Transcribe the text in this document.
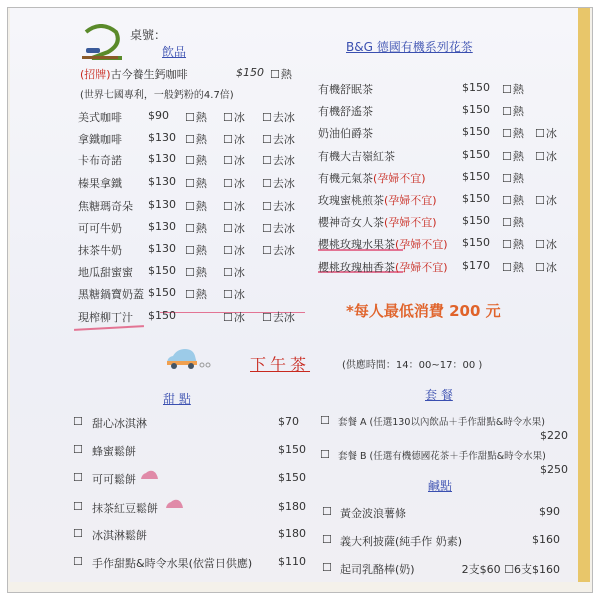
桌號：
飲品
(招牌)古今養生鈣咖啡	$150	☐ 熱
(世界七國專利，一般鈣粉的4.7倍)
美式咖啡 $90	☐ 熱	☐ 冰	☐ 去冰
拿鐵咖啡 $130	☐ 熱	☐ 冰	☐ 去冰
卡布奇諾 $130	☐ 熱	☐ 冰	☐ 去冰
榛果拿鐵 $130	☐ 熱	☐ 冰	☐ 去冰
焦糖瑪奇朵 $130	☐ 熱	☐ 冰	☐ 去冰
可可牛奶 $130	☐ 熱	☐ 冰	☐ 去冰
抹茶牛奶 $130	☐ 熱	☐ 冰	☐ 去冰
地瓜甜蜜蜜 $150	☐ 熱	☐ 冰
黑糖鍋寶奶蓋 $150	☐ 熱	☐ 冰
現榨柳丁汁 $150	☐ 冰	☐ 去冰
B&G 德國有機系列花茶
有機舒眠茶	$150	☐ 熱
有機舒遙茶	$150	☐ 熱
奶油伯爵茶	$150	☐ 熱	☐ 冰
有機大吉嶺紅茶	$150	☐ 熱	☐ 冰
有機元氣茶 (孕婦不宜)	$150	☐ 熱
玫瑰蜜桃煎茶 (孕婦不宜) $150	☐ 熱	☐ 冰
櫻神奇女人茶 (孕婦不宜) $150	☐ 熱
櫻桃玫瑰水果茶 (孕婦不宜) $150	☐ 熱	☐ 冰
櫻桃玫瑰柚香茶 (孕婦不宜) $170	☐ 熱	☐ 冰
*每人最低消費 200 元
下午茶	(供應時間：14：00~17：00 )
甜 點
☐
甜心冰淇淋	$70
☐
蜂蜜鬆餅	$150
☐
可可鬆餅	$150
☐
抹茶紅豆鬆餅	$180
☐
冰淇淋鬆餅	$180
☐
手作甜點&時令水果(依當日供應) $110
套 餐
☐
套餐 A (任選130以內飲品＋手作甜點&時令水果)
$220
☐
套餐 B (任選有機德國花茶＋手作甜點&時令水果)
$250
鹹點
☐
黃金波浪薯條	$90
☐
義大利披薩(純手作 奶素)	$160
☐
起司乳酪棒(奶)	2支$60 ☐6支$160
